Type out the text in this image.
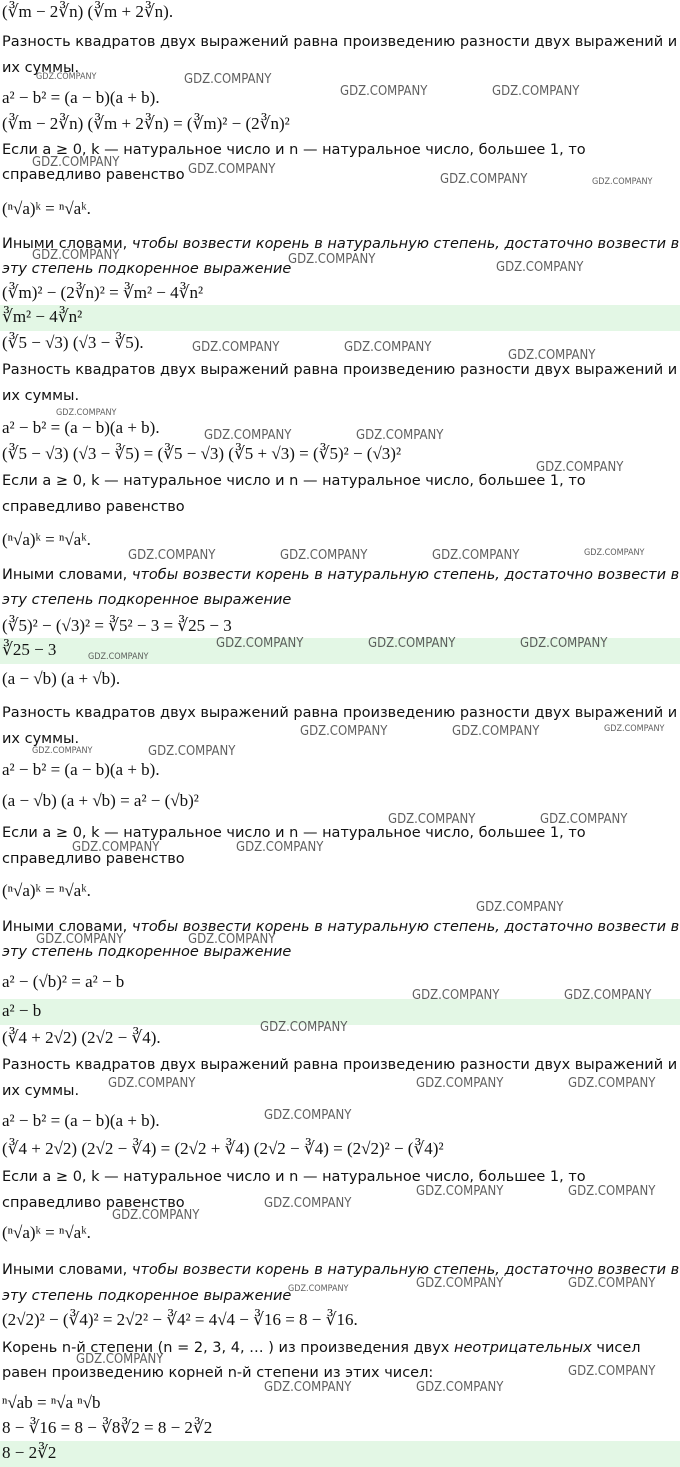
(∛m − 2∛n) (∛m + 2∛n).
Разность квадратов двух выражений равна произведению разности двух выражений и
их суммы.
a² − b² = (a − b)(a + b).
(∛m − 2∛n) (∛m + 2∛n) = (∛m)² − (2∛n)²
Если a ≥ 0, k — натуральное число и n — натуральное число, большее 1, то
справедливо равенство
(ⁿ√a)ᵏ = ⁿ√aᵏ.
Иными словами, чтобы возвести корень в натуральную степень, достаточно возвести в
эту степень подкоренное выражение
(∛m)² − (2∛n)² = ∛m² − 4∛n²
∛m² − 4∛n²
(∛5 − √3) (√3 − ∛5).
Разность квадратов двух выражений равна произведению разности двух выражений и
их суммы.
a² − b² = (a − b)(a + b).
(∛5 − √3) (√3 − ∛5) = (∛5 − √3) (∛5 + √3) = (∛5)² − (√3)²
Если a ≥ 0, k — натуральное число и n — натуральное число, большее 1, то
справедливо равенство
(ⁿ√a)ᵏ = ⁿ√aᵏ.
Иными словами, чтобы возвести корень в натуральную степень, достаточно возвести в
эту степень подкоренное выражение
(∛5)² − (√3)² = ∛5² − 3 = ∛25 − 3
∛25 − 3
(a − √b) (a + √b).
Разность квадратов двух выражений равна произведению разности двух выражений и
их суммы.
a² − b² = (a − b)(a + b).
(a − √b) (a + √b) = a² − (√b)²
Если a ≥ 0, k — натуральное число и n — натуральное число, большее 1, то
справедливо равенство
(ⁿ√a)ᵏ = ⁿ√aᵏ.
Иными словами, чтобы возвести корень в натуральную степень, достаточно возвести в
эту степень подкоренное выражение
a² − (√b)² = a² − b
a² − b
(∛4 + 2√2) (2√2 − ∛4).
Разность квадратов двух выражений равна произведению разности двух выражений и
их суммы.
a² − b² = (a − b)(a + b).
(∛4 + 2√2) (2√2 − ∛4) = (2√2 + ∛4) (2√2 − ∛4) = (2√2)² − (∛4)²
Если a ≥ 0, k — натуральное число и n — натуральное число, большее 1, то
справедливо равенство
(ⁿ√a)ᵏ = ⁿ√aᵏ.
Иными словами, чтобы возвести корень в натуральную степень, достаточно возвести в
эту степень подкоренное выражение
(2√2)² − (∛4)² = 2√2² − ∛4² = 4√4 − ∛16 = 8 − ∛16.
Корень n-й степени (n = 2, 3, 4, … ) из произведения двух неотрицательных чисел
равен произведению корней n-й степени из этих чисел:
ⁿ√ab = ⁿ√a ⁿ√b
8 − ∛16 = 8 − ∛8∛2 = 8 − 2∛2
8 − 2∛2
GDZ.COMPANY	GDZ.COMPANY
GDZ.COMPANY	GDZ.COMPANY
GDZ.COMPANY	GDZ.COMPANY
GDZ.COMPANY	GDZ.COMPANY
GDZ.COMPANY	GDZ.COMPANY
GDZ.COMPANY
GDZ.COMPANY	GDZ.COMPANY
GDZ.COMPANY
GDZ.COMPANY
GDZ.COMPANY	GDZ.COMPANY
GDZ.COMPANY
GDZ.COMPANY	GDZ.COMPANY	GDZ.COMPANY	GDZ.COMPANY
GDZ.COMPANY	GDZ.COMPANY	GDZ.COMPANY
GDZ.COMPANY
GDZ.COMPANY	GDZ.COMPANY	GDZ.COMPANY
GDZ.COMPANY	GDZ.COMPANY
GDZ.COMPANY	GDZ.COMPANY
GDZ.COMPANY	GDZ.COMPANY
GDZ.COMPANY
GDZ.COMPANY	GDZ.COMPANY
GDZ.COMPANY	GDZ.COMPANY
GDZ.COMPANY
GDZ.COMPANY	GDZ.COMPANY	GDZ.COMPANY
GDZ.COMPANY
GDZ.COMPANY	GDZ.COMPANY
GDZ.COMPANY
GDZ.COMPANY
GDZ.COMPANY	GDZ.COMPANY	GDZ.COMPANY
GDZ.COMPANY
GDZ.COMPANY
GDZ.COMPANY	GDZ.COMPANY
